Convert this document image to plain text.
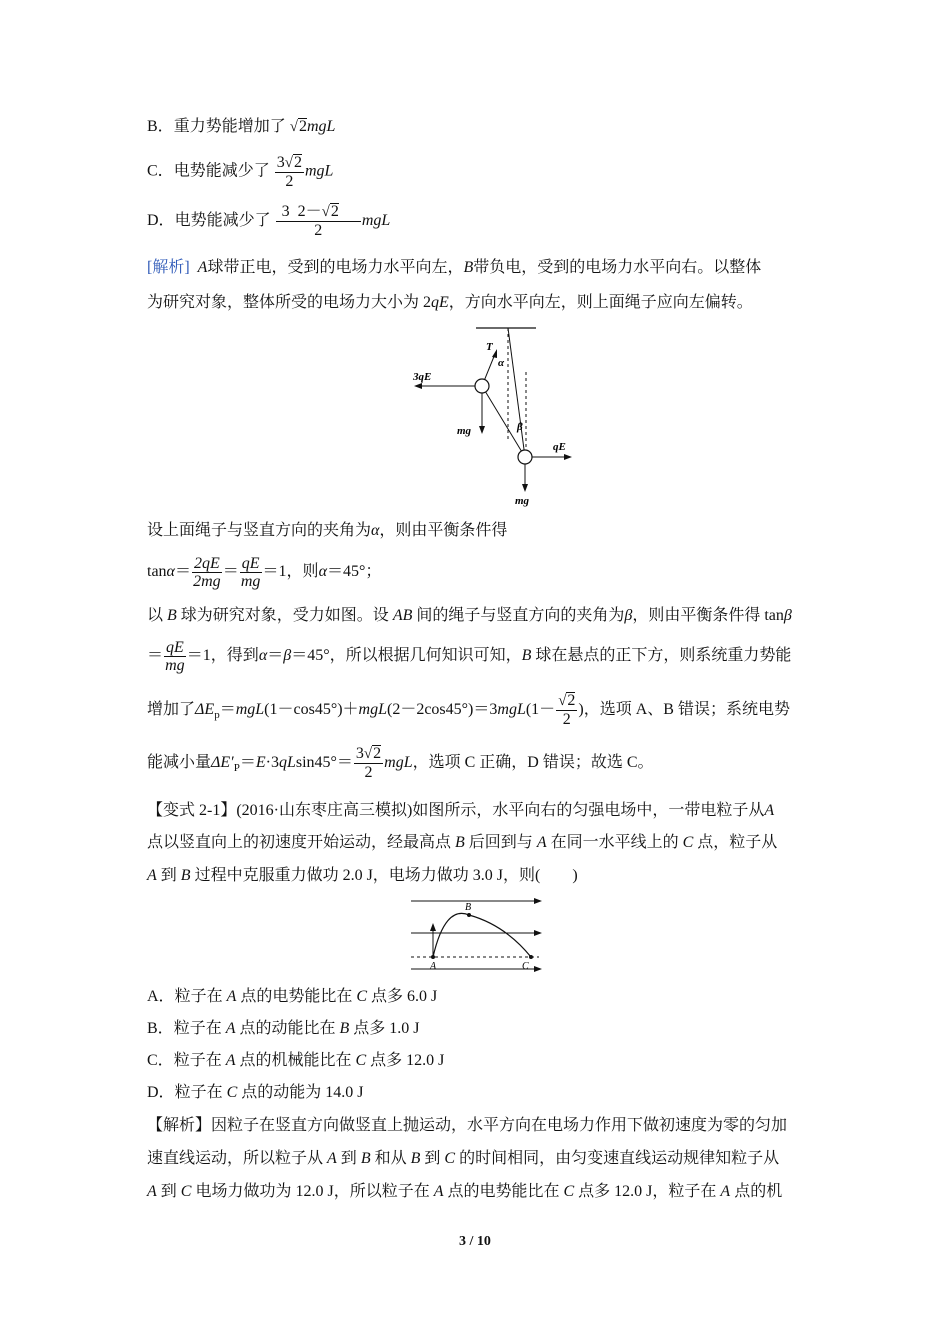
B．重力势能增加了 √2mgL
C．电势能减少了 $\frac{3√2}{2}$ mgL
D．电势能减少了 $\frac{3 2-√2}{2}$ mgL
[解析] A球带正电，受到的电场力水平向左，B带负电，受到的电场力水平向右。以整体
为研究对象，整体所受的电场力大小为 2qE，方向水平向左，则上面绳子应向左偏转。
T
α
β
3qE
mg
qE
mg
设上面绳子与竖直方向的夹角为α，则由平衡条件得
$\tan\alpha= \frac{2qE}{2mg} = \frac{qE}{mg} =1$，则α＝45°；
以 B 球为研究对象，受力如图。设 AB 间的绳子与竖直方向的夹角为β，则由平衡条件得 tanβ
＝ $\frac{qE}{mg} =1$，得到α＝β＝45°，所以根据几何知识可知，B 球在悬点的正下方，则系统重力势能
增加了$\Delta E_p=mgL(1-\cos 45^\circ)+mgL(2-2\cos 45^\circ)=3mgL(1- \frac{√2}{2}$ )，选项 A、B 错误；系统电势
能减小量$\Delta E'_P=E\cdot 3qLsin45^\circ= \frac{3√2}{2}$ mgL，选项 C 正确，D 错误；故选 C。
【变式 2-1】(2016·山东枣庄高三模拟)如图所示，水平向右的匀强电场中，一带电粒子从A
点以竖直向上的初速度开始运动，经最高点 B 后回到与 A 在同一水平线上的 C 点，粒子从
A 到 B 过程中克服重力做功 2.0 J，电场力做功 3.0 J，则(　　)
A
B
C
A．粒子在 A 点的电势能比在 C 点多 6.0 J
B．粒子在 A 点的动能比在 B 点多 1.0 J
C．粒子在 A 点的机械能比在 C 点多 12.0 J
D．粒子在 C 点的动能为 14.0 J
【解析】因粒子在竖直方向做竖直上抛运动，水平方向在电场力作用下做初速度为零的匀加
速直线运动，所以粒子从 A 到 B 和从 B 到 C 的时间相同，由匀变速直线运动规律知粒子从
A 到 C 电场力做功为 12.0 J，所以粒子在 A 点的电势能比在 C 点多 12.0 J，粒子在 A 点的机
3 / 10
